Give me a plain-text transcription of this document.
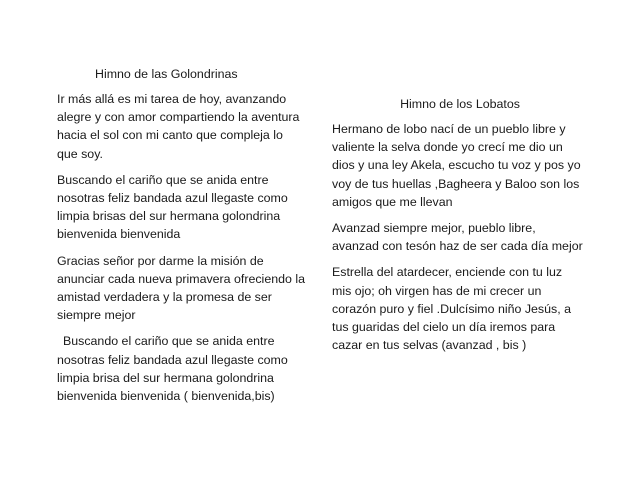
Himno de las Golondrinas

Ir más allá es mi tarea de hoy, avanzando alegre y con amor compartiendo la aventura hacia el sol con mi canto que compleja lo que soy.

Buscando el cariño que se anida entre nosotras feliz bandada azul llegaste como limpia brisas del sur hermana golondrina bienvenida bienvenida

Gracias señor por darme la misión de anunciar cada nueva primavera ofreciendo la amistad verdadera y la promesa de ser siempre mejor

Buscando el cariño que se anida entre nosotras feliz bandada azul llegaste como limpia brisa del sur hermana golondrina bienvenida bienvenida ( bienvenida,bis)

Himno de los Lobatos

Hermano de lobo nací de un pueblo libre y valiente la selva donde yo crecí me dio un dios y una ley Akela, escucho tu voz y pos yo voy de tus huellas ,Bagheera y Baloo son los amigos que me llevan

Avanzad siempre mejor, pueblo libre, avanzad con tesón haz de ser cada día mejor

Estrella del atardecer, enciende con tu luz mis ojo; oh virgen has de mi crecer un corazón puro y fiel .Dulcísimo niño Jesús, a tus guaridas del cielo un día iremos para cazar en tus selvas (avanzad , bis )
